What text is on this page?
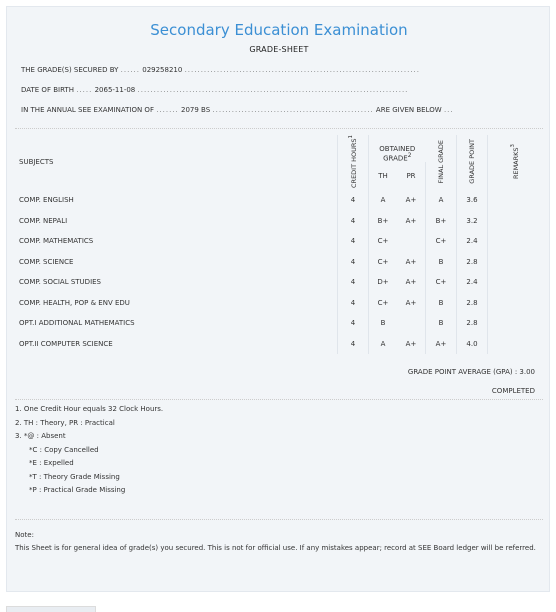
Secondary Education Examination
GRADE-SHEET
THE GRADE(S) SECURED BY ...... 029258210 .........................................................................
DATE OF BIRTH ..... 2065-11-08 ....................................................................................
IN THE ANNUAL SEE EXAMINATION OF ....... 2079 BS .................................................. ARE GIVEN BELOW ...
SUBJECTS	CREDIT HOURS$^1$	OBTAINED GRADE$^2$		FINAL GRADE	GRADE POINT	REMARKS$^3$
		TH	PR			
COMP. ENGLISH	4	A	A+	A	3.6	
COMP. NEPALI	4	B+	A+	B+	3.2	
COMP. MATHEMATICS	4	C+		C+	2.4	
COMP. SCIENCE	4	C+	A+	B	2.8	
COMP. SOCIAL STUDIES	4	D+	A+	C+	2.4	
COMP. HEALTH, POP & ENV EDU	4	C+	A+	B	2.8	
OPT.I ADDITIONAL MATHEMATICS	4	B		B	2.8	
OPT.II COMPUTER SCIENCE	4	A	A+	A+	4.0	
GRADE POINT AVERAGE (GPA) : 3.00
COMPLETED
1. One Credit Hour equals 32 Clock Hours.
2. TH : Theory, PR : Practical
3. *@ : Absent
*C : Copy Cancelled
*E : Expelled
*T : Theory Grade Missing
*P : Practical Grade Missing
Note:
This Sheet is for general idea of grade(s) you secured. This is not for official use. If any mistakes appear; record at SEE Board ledger will be referred.
